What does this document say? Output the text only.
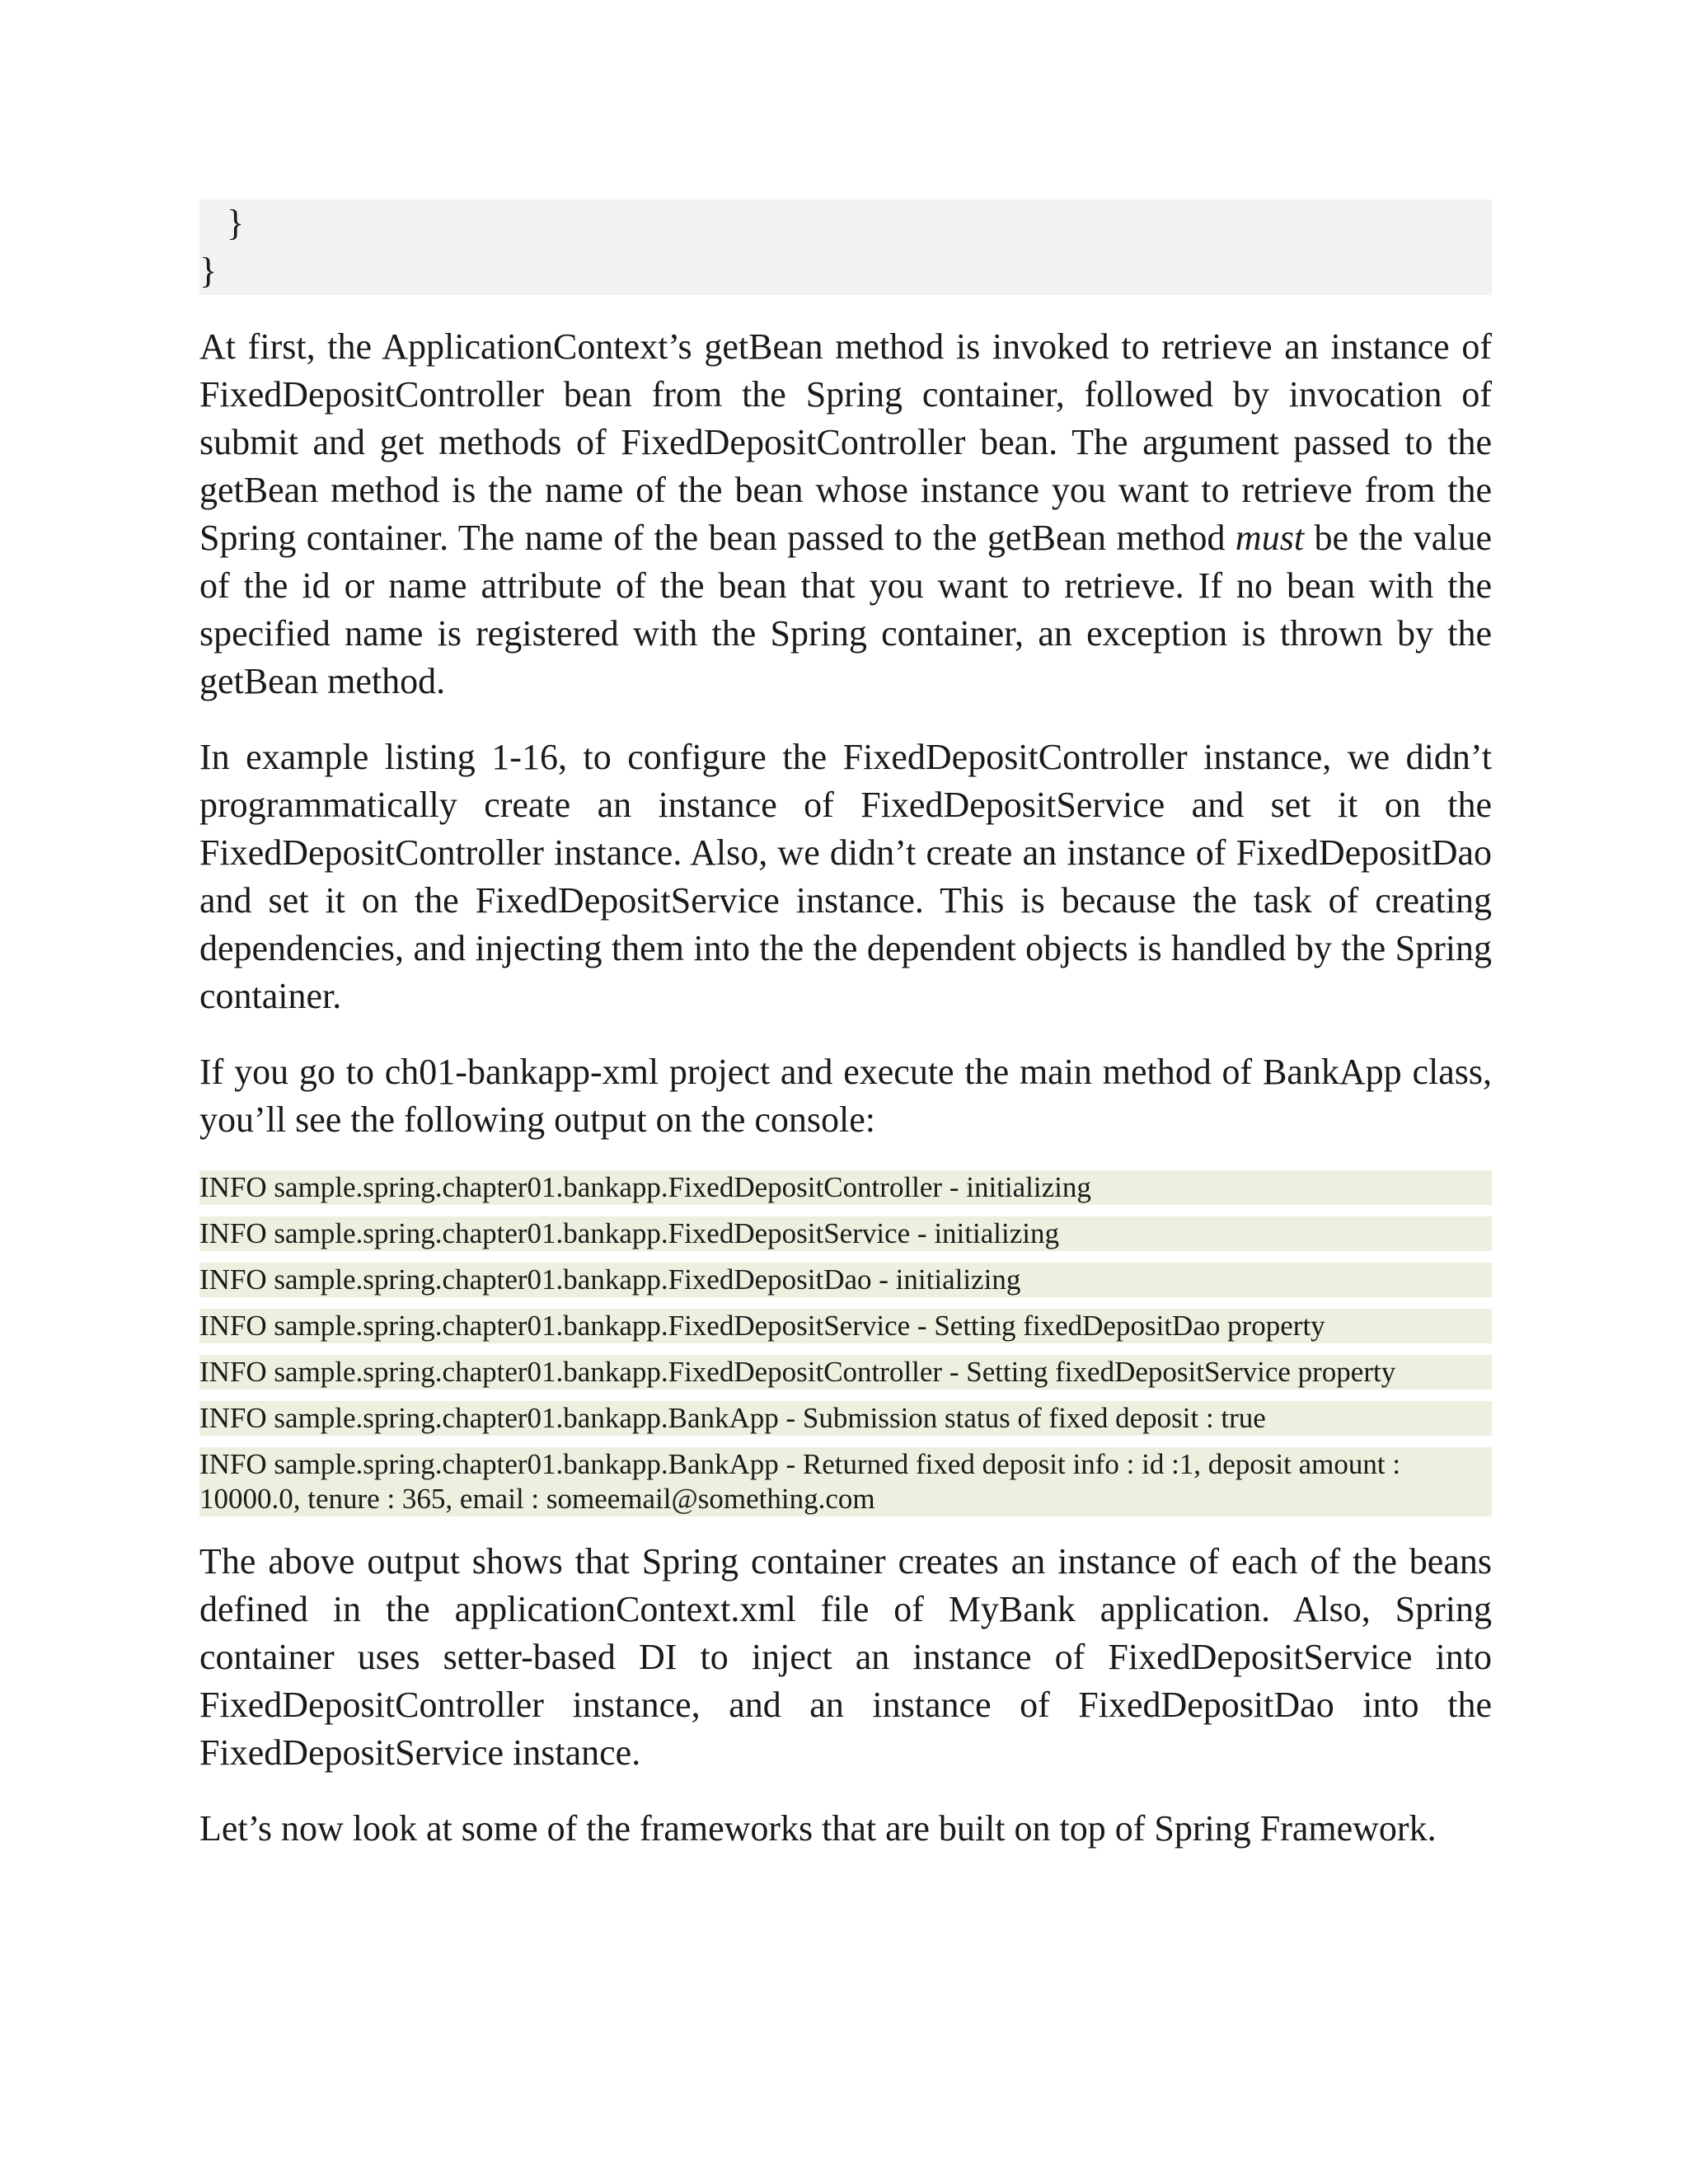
}
}

At first, the ApplicationContext’s getBean method is invoked to retrieve an instance of FixedDepositController bean from the Spring container, followed by invocation of submit and get methods of FixedDepositController bean. The argument passed to the getBean method is the name of the bean whose instance you want to retrieve from the Spring container. The name of the bean passed to the getBean method must be the value of the id or name attribute of the bean that you want to retrieve. If no bean with the specified name is registered with the Spring container, an exception is thrown by the getBean method.

In example listing 1-16, to configure the FixedDepositController instance, we didn’t programmatically create an instance of FixedDepositService and set it on the FixedDepositController instance. Also, we didn’t create an instance of FixedDepositDao and set it on the FixedDepositService instance. This is because the task of creating dependencies, and injecting them into the the dependent objects is handled by the Spring container.

If you go to ch01-bankapp-xml project and execute the main method of BankApp class, you’ll see the following output on the console:

INFO sample.spring.chapter01.bankapp.FixedDepositController - initializing
INFO sample.spring.chapter01.bankapp.FixedDepositService - initializing
INFO sample.spring.chapter01.bankapp.FixedDepositDao - initializing
INFO sample.spring.chapter01.bankapp.FixedDepositService - Setting fixedDepositDao property
INFO sample.spring.chapter01.bankapp.FixedDepositController - Setting fixedDepositService property
INFO sample.spring.chapter01.bankapp.BankApp - Submission status of fixed deposit : true
INFO sample.spring.chapter01.bankapp.BankApp - Returned fixed deposit info : id :1, deposit amount : 10000.0, tenure : 365, email : someemail@something.com

The above output shows that Spring container creates an instance of each of the beans defined in the applicationContext.xml file of MyBank application. Also, Spring container uses setter-based DI to inject an instance of FixedDepositService into FixedDepositController instance, and an instance of FixedDepositDao into the FixedDepositService instance.

Let’s now look at some of the frameworks that are built on top of Spring Framework.
